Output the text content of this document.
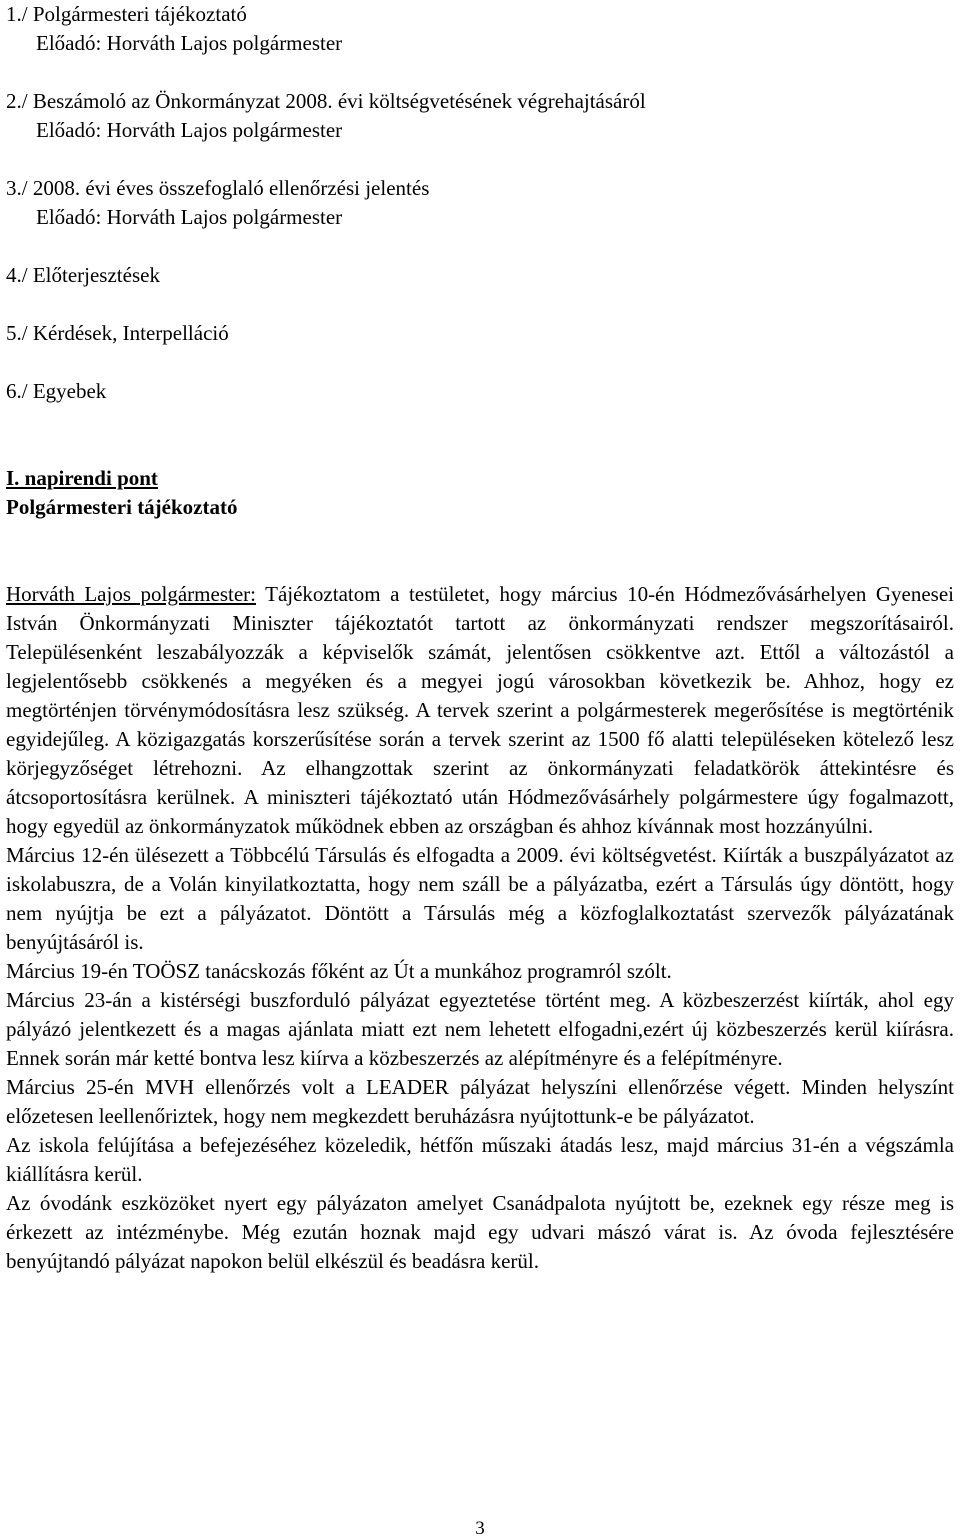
1./ Polgármesteri tájékoztató
Előadó: Horváth Lajos polgármester
2./ Beszámoló az Önkormányzat 2008. évi költségvetésének végrehajtásáról
Előadó: Horváth Lajos polgármester
3./ 2008. évi éves összefoglaló ellenőrzési jelentés
Előadó: Horváth Lajos polgármester
4./ Előterjesztések
5./ Kérdések, Interpelláció
6./ Egyebek
I. napirendi pont
Polgármesteri tájékoztató

Horváth Lajos polgármester: Tájékoztatom a testületet, hogy március 10-én Hódmezővásárhelyen Gyenesei István Önkormányzati Miniszter tájékoztatót tartott az önkormányzati rendszer megszorításairól. Településenként leszabályozzák a képviselők számát, jelentősen csökkentve azt. Ettől a változástól a legjelentősebb csökkenés a megyéken és a megyei jogú városokban következik be. Ahhoz, hogy ez megtörténjen törvénymódosításra lesz szükség. A tervek szerint a polgármesterek megerősítése is megtörténik egyidejűleg. A közigazgatás korszerűsítése során a tervek szerint az 1500 fő alatti településeken kötelező lesz körjegyzőséget létrehozni. Az elhangzottak szerint az önkormányzati feladatkörök áttekintésre és átcsoportosításra kerülnek. A miniszteri tájékoztató után Hódmezővásárhely polgármestere úgy fogalmazott, hogy egyedül az önkormányzatok működnek ebben az országban és ahhoz kívánnak most hozzányúlni.

Március 12-én ülésezett a Többcélú Társulás és elfogadta a 2009. évi költségvetést. Kiírták a buszpályázatot az iskolabuszra, de a Volán kinyilatkoztatta, hogy nem száll be a pályázatba, ezért a Társulás úgy döntött, hogy nem nyújtja be ezt a pályázatot. Döntött a Társulás még a közfoglalkoztatást szervezők pályázatának benyújtásáról is.

Március 19-én TOÖSZ tanácskozás főként az Út a munkához programról szólt.

Március 23-án a kistérségi buszforduló pályázat egyeztetése történt meg. A közbeszerzést kiírták, ahol egy pályázó jelentkezett és a magas ajánlata miatt ezt nem lehetett elfogadni,ezért új közbeszerzés kerül kiírásra. Ennek során már ketté bontva lesz kiírva a közbeszerzés az alépítményre és a felépítményre.

Március 25-én MVH ellenőrzés volt a LEADER pályázat helyszíni ellenőrzése végett. Minden helyszínt előzetesen leellenőriztek, hogy nem megkezdett beruházásra nyújtottunk-e be pályázatot.

Az iskola felújítása a befejezéséhez közeledik, hétfőn műszaki átadás lesz, majd március 31-én a végszámla kiállításra kerül.

Az óvodánk eszközöket nyert egy pályázaton amelyet Csanádpalota nyújtott be, ezeknek egy része meg is érkezett az intézménybe. Még ezután hoznak majd egy udvari mászó várat is. Az óvoda fejlesztésére benyújtandó pályázat napokon belül elkészül és beadásra kerül.

3
